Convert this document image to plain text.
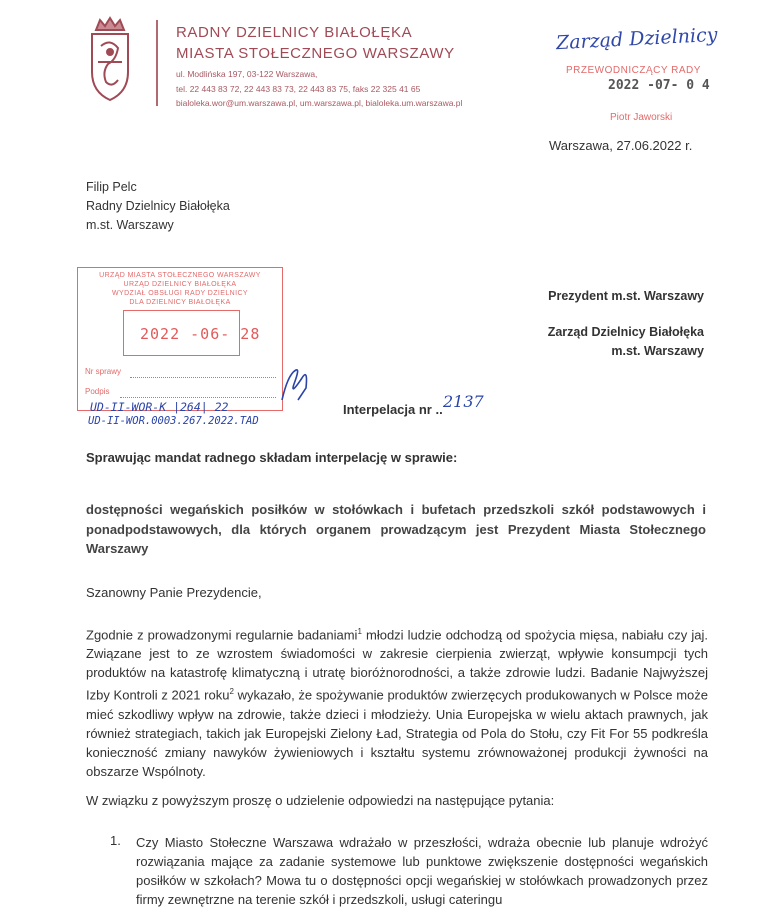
RADNY DZIELNICY BIAŁOŁĘKA
MIASTA STOŁECZNEGO WARSZAWY
ul. Modlińska 197, 03-122 Warszawa,
tel. 22 443 83 72, 22 443 83 73, 22 443 83 75, faks 22 325 41 65
bialoleka.wor@um.warszawa.pl, um.warszawa.pl, bialoleka.um.warszawa.pl
Zarząd Dzielnicy
PRZEWODNICZĄCY RADY
2022 -07- 0 4
Piotr Jaworski
Warszawa, 27.06.2022 r.
Filip Pelc
Radny Dzielnicy Białołęka
m.st. Warszawy
URZĄD MIASTA STOŁECZNEGO WARSZAWY
URZĄD DZIELNICY BIAŁOŁĘKA
WYDZIAŁ OBSŁUGI RADY DZIELNICY
DLA DZIELNICY BIAŁOŁĘKA
2022 -06- 28
Nr sprawy
Podpis
UD-II-WOR-K |264| 22
UD-II-WOR.0003.267.2022.TAD
Prezydent m.st. Warszawy
Zarząd Dzielnicy Białołęka
m.st. Warszawy
Interpelacja nr .. 2137
Sprawując mandat radnego składam interpelację w sprawie:
dostępności wegańskich posiłków w stołówkach i bufetach przedszkoli szkół podstawowych i ponadpodstawowych, dla których organem prowadzącym jest Prezydent Miasta Stołecznego Warszawy
Szanowny Panie Prezydencie,
Zgodnie z prowadzonymi regularnie badaniami$^1$ młodzi ludzie odchodzą od spożycia mięsa, nabiału czy jaj. Związane jest to ze wzrostem świadomości w zakresie cierpienia zwierząt, wpływie konsumpcji tych produktów na katastrofę klimatyczną i utratę bioróżnorodności, a także zdrowie ludzi. Badanie Najwyższej Izby Kontroli z 2021 roku$^2$ wykazało, że spożywanie produktów zwierzęcych produkowanych w Polsce może mieć szkodliwy wpływ na zdrowie, także dzieci i młodzieży. Unia Europejska w wielu aktach prawnych, jak również strategiach, takich jak Europejski Zielony Ład, Strategia od Pola do Stołu, czy Fit For 55 podkreśla konieczność zmiany nawyków żywieniowych i kształtu systemu zrównoważonej produkcji żywności na obszarze Wspólnoty.
W związku z powyższym proszę o udzielenie odpowiedzi na następujące pytania:
1. Czy Miasto Stołeczne Warszawa wdrażało w przeszłości, wdraża obecnie lub planuje wdrożyć rozwiązania mające za zadanie systemowe lub punktowe zwiększenie dostępności wegańskich posiłków w szkołach? Mowa tu o dostępności opcji wegańskiej w stołówkach prowadzonych przez firmy zewnętrzne na terenie szkół i przedszkoli, usługi cateringu
